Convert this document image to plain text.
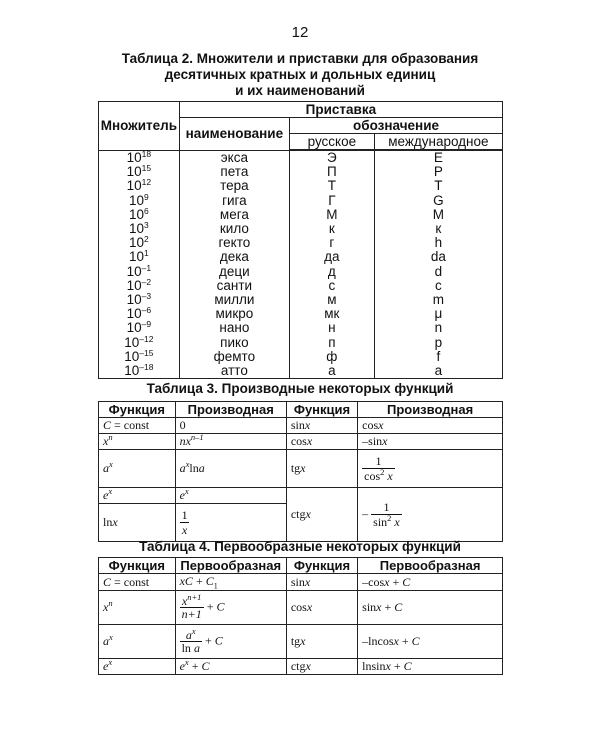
12
Таблица 2. Множители и приставки для образования
десятичных кратных и дольных единиц
и их наименований
Множитель	Приставка		
	наименование	обозначение	
		русское	международное
$10^{18}$	экса	Э	E
$10^{15}$	пета	П	P
$10^{12}$	тера	Т	T
$10^9$	гига	Г	G
$10^6$	мега	М	M
$10^3$	кило	к	к
$10^2$	гекто	г	h
$10^1$	дека	да	da
$10^{-1}$	деци	д	d
$10^{-2}$	санти	с	c
$10^{-3}$	милли	м	m
$10^{-6}$	микро	мк	μ
$10^{-9}$	нано	н	n
$10^{-12}$	пико	п	p
$10^{-15}$	фемто	ф	f
$10^{-18}$	атто	а	a
Таблица 3. Производные некоторых функций
Функция	Производная	Функция	Производная
C = const	0	sinx	cosx
$x^n$	$nx^{n-1}$	cosx	–sinx
$a^x$	$a^x\ln a$	tgx	$\frac{1}{\cos^2 x}$

$e^x$	$e^x$	ctgx	– $\frac{1}{\sin^2 x}$

lnx	$\frac{1}{x}$
Таблица 4. Первообразные некоторых функций
Функция	Первообразная	Функция	Первообразная
C = const	xC + $C_1$	sinx	–cosx + C
$x^n$	$\frac{x^{n+1}}{n+1} + C$	cosx	sinx + C
$a^x$	$\frac{a^x}{\text{ln a}} + C$	tgx	–lncosx + C
$e^x$	$e^x + C$	ctgx	lnsinx + C
